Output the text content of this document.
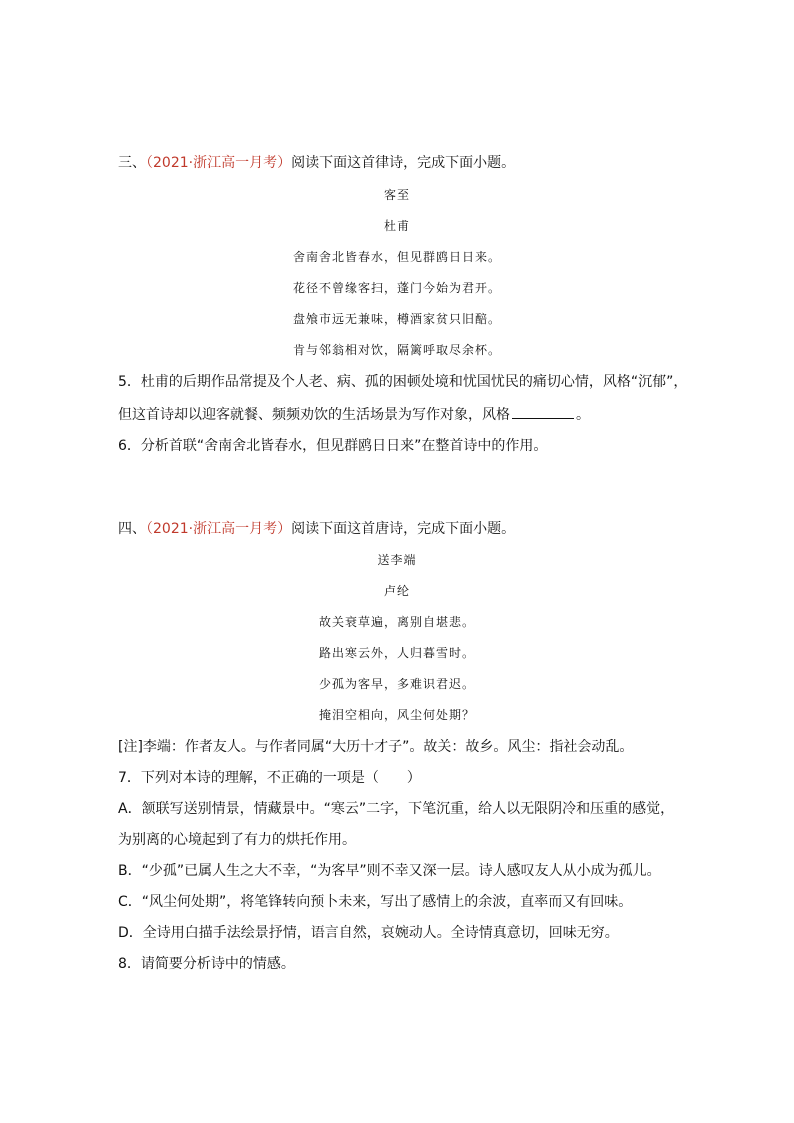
三、（2021·浙江高一月考）阅读下面这首律诗，完成下面小题。
客至
杜甫
舍南舍北皆春水，但见群鸥日日来。
花径不曾缘客扫，蓬门今始为君开。
盘飧市远无兼味，樽酒家贫只旧醅。
肯与邻翁相对饮，隔篱呼取尽余杯。
5．杜甫的后期作品常提及个人老、病、孤的困顿处境和忧国忧民的痛切心情，风格“沉郁”，
但这首诗却以迎客就餐、频频劝饮的生活场景为写作对象，风格	。
6．分析首联“舍南舍北皆春水，但见群鸥日日来”在整首诗中的作用。
四、（2021·浙江高一月考）阅读下面这首唐诗，完成下面小题。
送李端
卢纶
故关衰草遍，离别自堪悲。
路出寒云外，人归暮雪时。
少孤为客早，多难识君迟。
掩泪空相向，风尘何处期？
[注]李端：作者友人。与作者同属“大历十才子”。故关：故乡。风尘：指社会动乱。
7．下列对本诗的理解，不正确的一项是（　　）
A．颔联写送别情景，情藏景中。“寒云”二字，下笔沉重，给人以无限阴冷和压重的感觉，
为别离的心境起到了有力的烘托作用。
B．“少孤”已属人生之大不幸，“为客早”则不幸又深一层。诗人感叹友人从小成为孤儿。
C．“风尘何处期”，将笔锋转向预卜未来，写出了感情上的余波，直率而又有回味。
D．全诗用白描手法绘景抒情，语言自然，哀婉动人。全诗情真意切，回味无穷。
8．请简要分析诗中的情感。
